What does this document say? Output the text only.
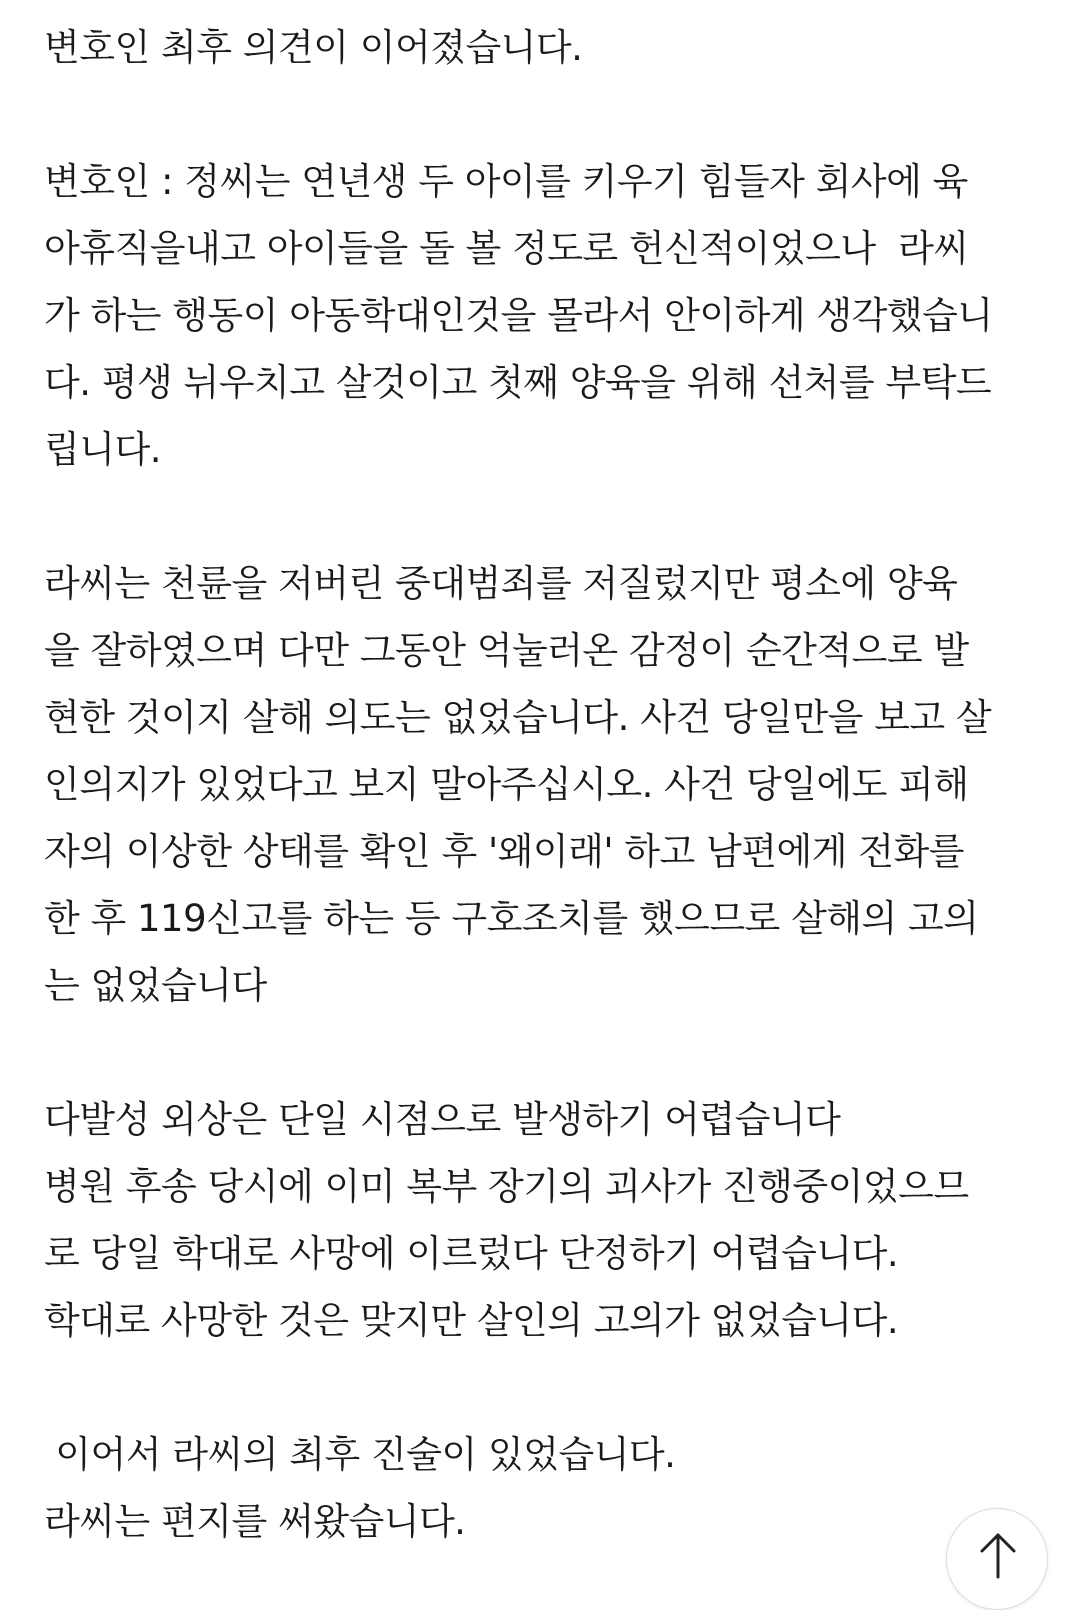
변호인 최후 의견이 이어졌습니다.
변호인 : 정씨는 연년생 두 아이를 키우기 힘들자 회사에 육
아휴직을내고 아이들을 돌 볼 정도로 헌신적이었으나  라씨
가 하는 행동이 아동학대인것을 몰라서 안이하게 생각했습니
다. 평생 뉘우치고 살것이고 첫째 양육을 위해 선처를 부탁드
립니다.
라씨는 천륜을 저버린 중대범죄를 저질렀지만 평소에 양육
을 잘하였으며 다만 그동안 억눌러온 감정이 순간적으로 발
현한 것이지 살해 의도는 없었습니다. 사건 당일만을 보고 살
인의지가 있었다고 보지 말아주십시오. 사건 당일에도 피해
자의 이상한 상태를 확인 후 '왜이래' 하고 남편에게 전화를
한 후 119신고를 하는 등 구호조치를 했으므로 살해의 고의
는 없었습니다
다발성 외상은 단일 시점으로 발생하기 어렵습니다
병원 후송 당시에 이미 복부 장기의 괴사가 진행중이었으므
로 당일 학대로 사망에 이르렀다 단정하기 어렵습니다.
학대로 사망한 것은 맞지만 살인의 고의가 없었습니다.
이어서 라씨의 최후 진술이 있었습니다.
라씨는 편지를 써왔습니다.
